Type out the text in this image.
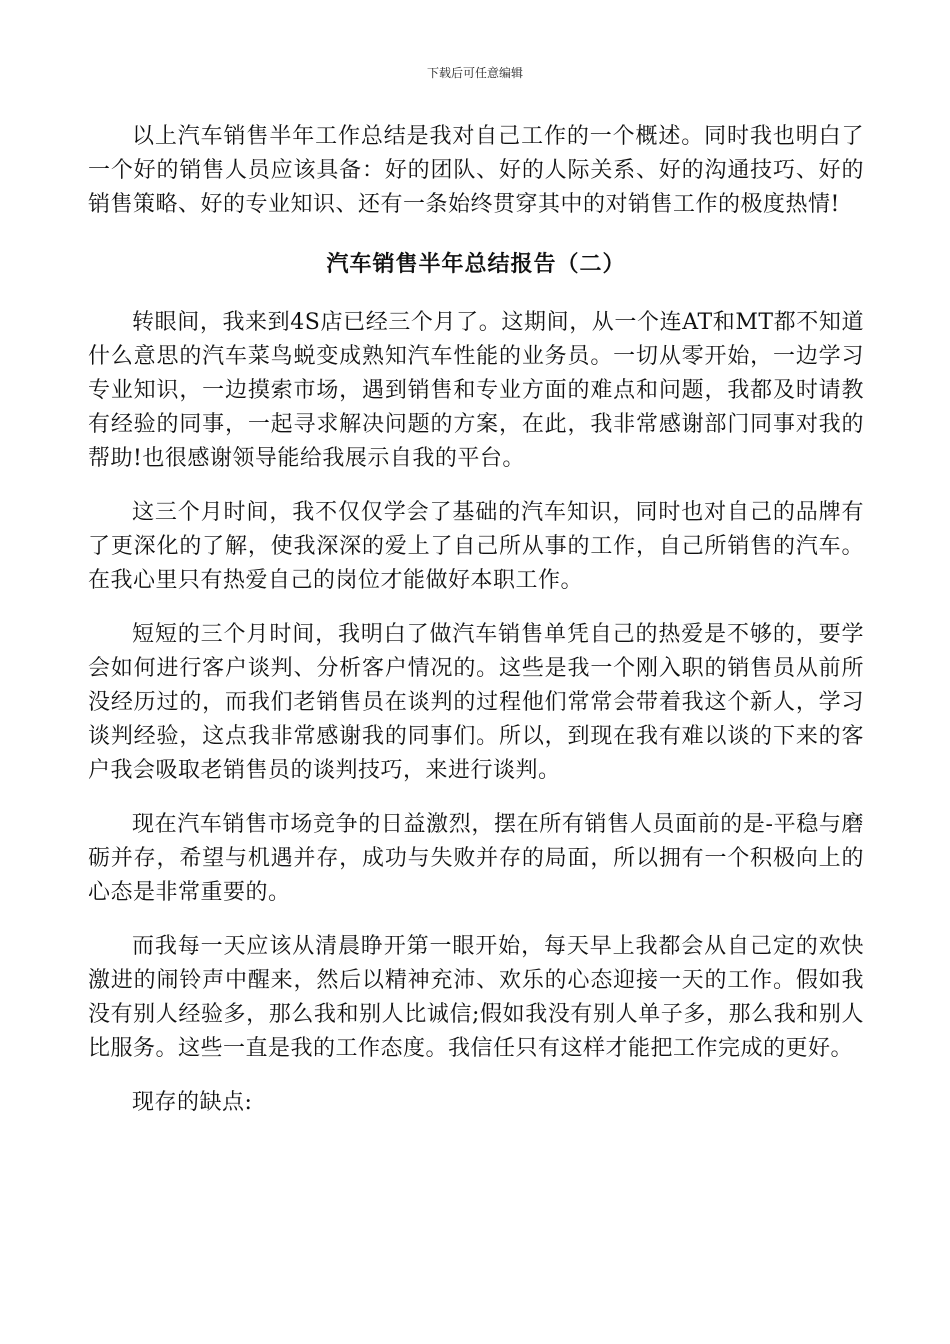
下载后可任意编辑

以上汽车销售半年工作总结是我对自己工作的一个概述。同时我也明白了一个好的销售人员应该具备：好的团队、好的人际关系、好的沟通技巧、好的销售策略、好的专业知识、还有一条始终贯穿其中的对销售工作的极度热情!

汽车销售半年总结报告（二）

转眼间，我来到4S店已经三个月了。这期间，从一个连AT和MT都不知道什么意思的汽车菜鸟蜕变成熟知汽车性能的业务员。一切从零开始，一边学习专业知识，一边摸索市场，遇到销售和专业方面的难点和问题，我都及时请教有经验的同事，一起寻求解决问题的方案，在此，我非常感谢部门同事对我的帮助!也很感谢领导能给我展示自我的平台。

这三个月时间，我不仅仅学会了基础的汽车知识，同时也对自己的品牌有了更深化的了解，使我深深的爱上了自己所从事的工作，自己所销售的汽车。在我心里只有热爱自己的岗位才能做好本职工作。

短短的三个月时间，我明白了做汽车销售单凭自己的热爱是不够的，要学会如何进行客户谈判、分析客户情况的。这些是我一个刚入职的销售员从前所没经历过的，而我们老销售员在谈判的过程他们常常会带着我这个新人，学习谈判经验，这点我非常感谢我的同事们。所以，到现在我有难以谈的下来的客户我会吸取老销售员的谈判技巧，来进行谈判。

现在汽车销售市场竞争的日益激烈，摆在所有销售人员面前的是-平稳与磨砺并存，希望与机遇并存，成功与失败并存的局面，所以拥有一个积极向上的心态是非常重要的。

而我每一天应该从清晨睁开第一眼开始，每天早上我都会从自己定的欢快激进的闹铃声中醒来，然后以精神充沛、欢乐的心态迎接一天的工作。假如我没有别人经验多，那么我和别人比诚信;假如我没有别人单子多，那么我和别人比服务。这些一直是我的工作态度。我信任只有这样才能把工作完成的更好。

现存的缺点:
